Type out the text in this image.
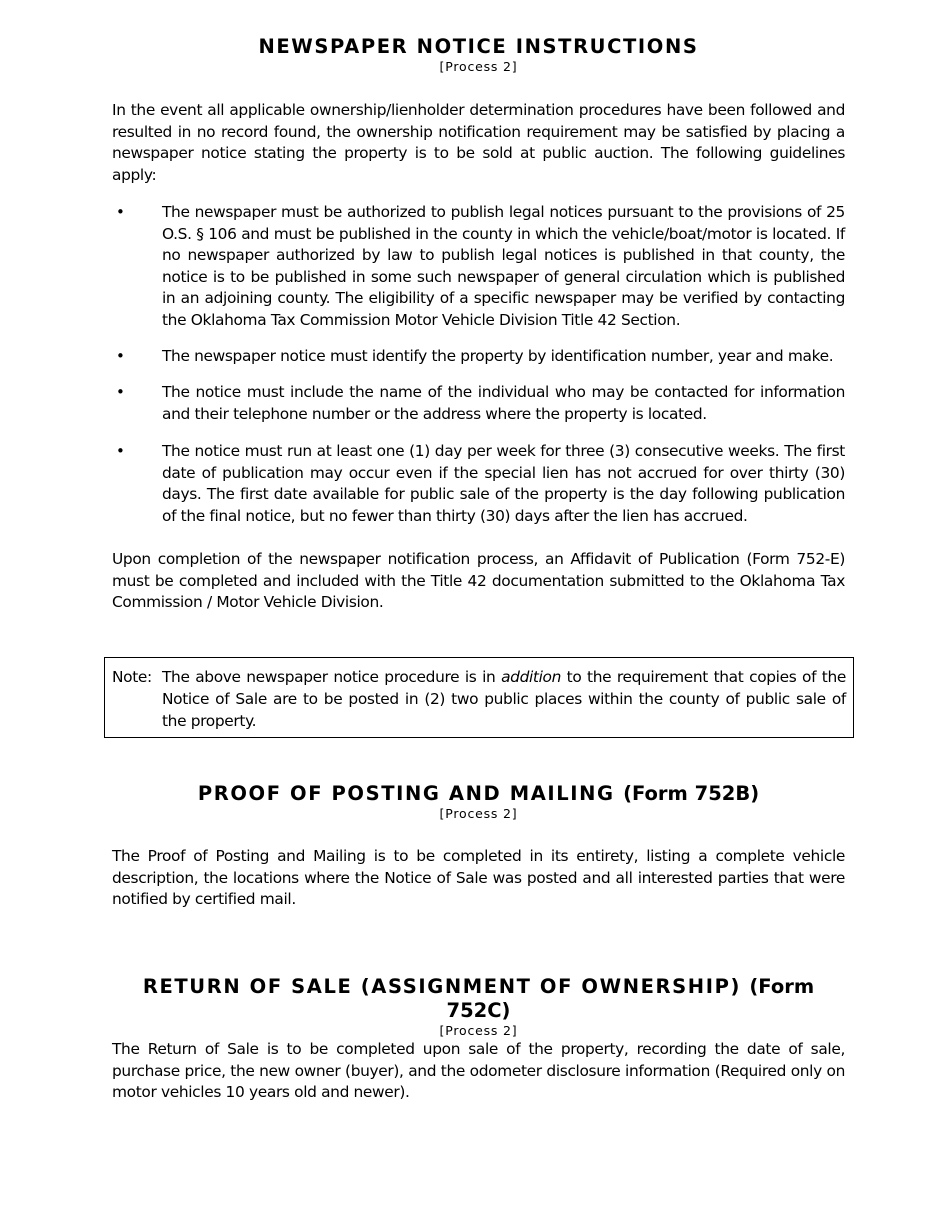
NEWSPAPER NOTICE INSTRUCTIONS
[Process 2]

In the event all applicable ownership/lienholder determination procedures have been followed and resulted in no record found, the ownership notification requirement may be satisfied by placing a newspaper notice stating the property is to be sold at public auction. The following guidelines apply:

• The newspaper must be authorized to publish legal notices pursuant to the provisions of 25 O.S. § 106 and must be published in the county in which the vehicle/boat/motor is located. If no newspaper authorized by law to publish legal notices is published in that county, the notice is to be published in some such newspaper of general circulation which is published in an adjoining county. The eligibility of a specific newspaper may be verified by contacting the Oklahoma Tax Commission Motor Vehicle Division Title 42 Section.
• The newspaper notice must identify the property by identification number, year and make.
• The notice must include the name of the individual who may be contacted for information and their telephone number or the address where the property is located.
• The notice must run at least one (1) day per week for three (3) consecutive weeks. The first date of publication may occur even if the special lien has not accrued for over thirty (30) days. The first date available for public sale of the property is the day following publication of the final notice, but no fewer than thirty (30) days after the lien has accrued.

Upon completion of the newspaper notification process, an Affidavit of Publication (Form 752-E) must be completed and included with the Title 42 documentation submitted to the Oklahoma Tax Commission / Motor Vehicle Division.

Note: The above newspaper notice procedure is in addition to the requirement that copies of the Notice of Sale are to be posted in (2) two public places within the county of public sale of the property.
PROOF OF POSTING AND MAILING (Form 752B)
[Process 2]

The Proof of Posting and Mailing is to be completed in its entirety, listing a complete vehicle description, the locations where the Notice of Sale was posted and all interested parties that were notified by certified mail.

RETURN OF SALE (ASSIGNMENT OF OWNERSHIP) (Form 752C)
[Process 2]

The Return of Sale is to be completed upon sale of the property, recording the date of sale, purchase price, the new owner (buyer), and the odometer disclosure information (Required only on motor vehicles 10 years old and newer).
